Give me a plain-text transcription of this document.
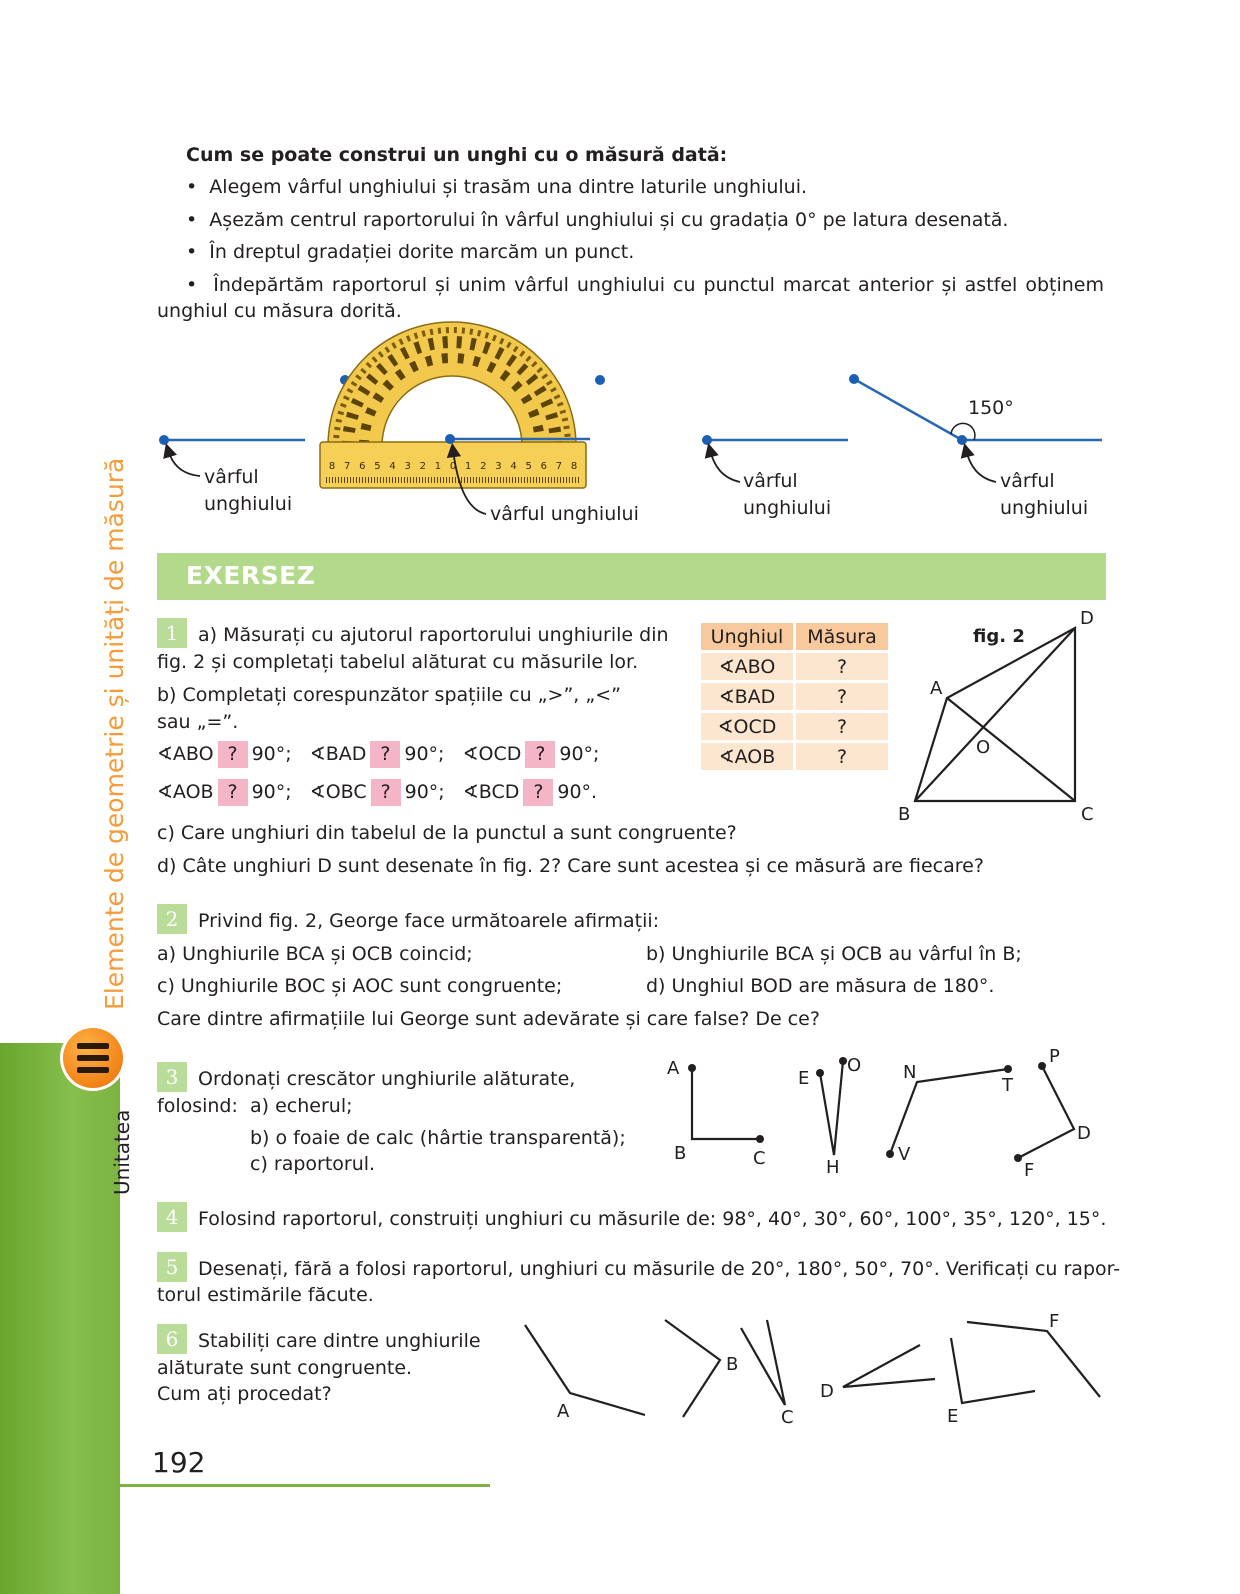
Elemente de geometrie și unități de măsură
Unitatea
Cum se poate construi un unghi cu o măsură dată:
•  Alegem vârful unghiului și trasăm una dintre laturile unghiului.
•  Așezăm centrul raportorului în vârful unghiului și cu gradația 0° pe latura desenată.
•  În dreptul gradației dorite marcăm un punct.
•  Îndepărtăm raportorul și unim vârful unghiului cu punctul marcat anterior și astfel obținem
unghiul cu măsura dorită.
vârful
unghiului
8 7 6 5 4 3 2 1 0 1 2 3 4 5 6 7 8
vârful unghiului
vârful
unghiului
150°
vârful
unghiului
EXERSEZ
1	a) Măsurați cu ajutorul raportorului unghiurile din
fig. 2 și completați tabelul alăturat cu măsurile lor.
b) Completați corespunzător spațiile cu „>”, „<”
sau „=”.
∢ABO ? 90°; ∢BAD ? 90°; ∢OCD ? 90°;
∢AOB ? 90°; ∢OBC ? 90°; ∢BCD ? 90°.
c) Care unghiuri din tabelul de la punctul a sunt congruente?
d) Câte unghiuri D sunt desenate în fig. 2? Care sunt acestea și ce măsură are fiecare?
Unghiul	Măsura
∢ABO	?
∢BAD	?
∢OCD	?
∢AOB	?
fig. 2
A
B	C
D
O
2	Privind fig. 2, George face următoarele afirmații:
a) Unghiurile BCA și OCB coincid;	b) Unghiurile BCA și OCB au vârful în B;
c) Unghiurile BOC și AOC sunt congruente;	d) Unghiul BOD are măsura de 180°.
Care dintre afirmațiile lui George sunt adevărate și care false? De ce?
3	Ordonați crescător unghiurile alăturate,
folosind: a) echerul;
b) o foaie de calc (hârtie transparentă);
c) raportorul.
A
B	C
E
O
H
N
T
V
P
D
F
4	Folosind raportorul, construiți unghiuri cu măsurile de: 98°, 40°, 30°, 60°, 100°, 35°, 120°, 15°.
5	Desenați, fără a folosi raportorul, unghiuri cu măsurile de 20°, 180°, 50°, 70°. Verificați cu rapor-
torul estimările făcute.
6	Stabiliți care dintre unghiurile
alăturate sunt congruente.
Cum ați procedat?
A
B
C
D
E
F
192
